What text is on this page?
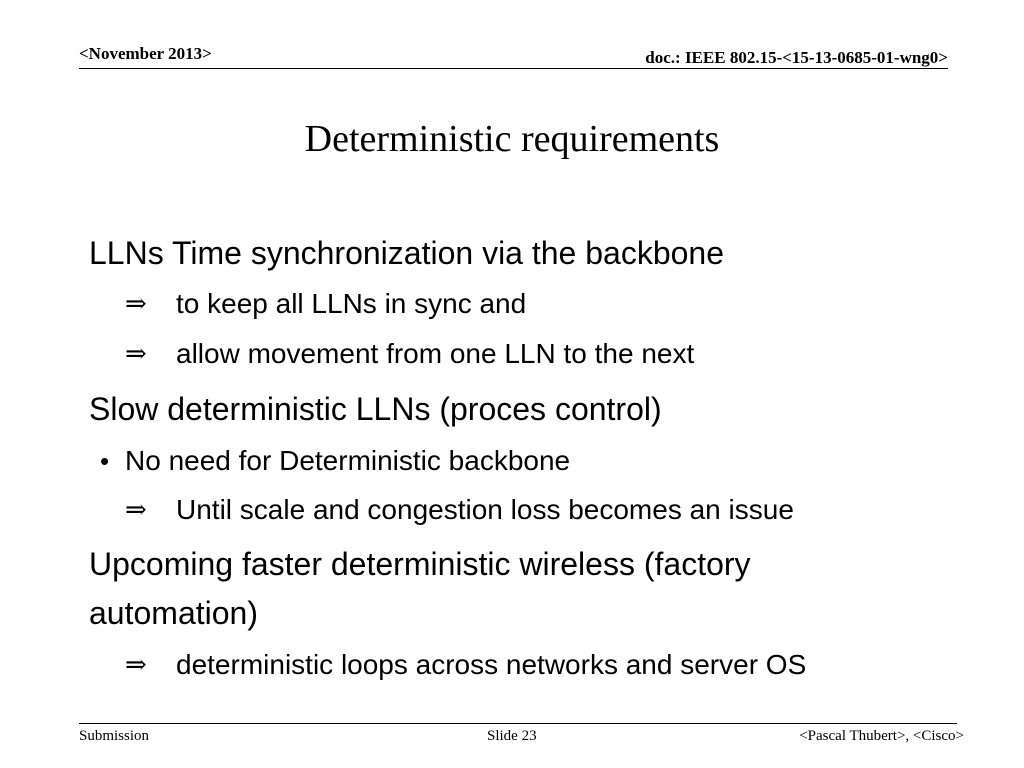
<November 2013>	doc.: IEEE 802.15-<15-13-0685-01-wng0>
Deterministic requirements
LLNs Time synchronization via the backbone
⇒ to keep all LLNs in sync and
⇒ allow movement from one LLN to the next
Slow deterministic LLNs (proces control)
• No need for Deterministic backbone
⇒ Until scale and congestion loss becomes an issue
Upcoming faster deterministic wireless (factory
automation)
⇒ deterministic loops across networks and server OS
Submission	Slide 23	<Pascal Thubert>, <Cisco>
